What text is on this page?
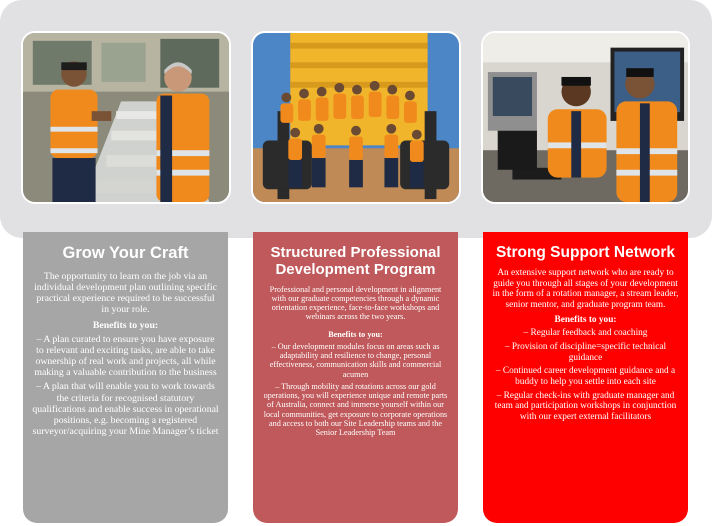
Grow Your Craft

The opportunity to learn on the job via an individual development plan outlining specific practical experience required to be successful in your role.

Benefits to you:

– A plan curated to ensure you have exposure to relevant and exciting tasks, are able to take ownership of real work and projects, all while making a valuable contribution to the business

– A plan that will enable you to work towards the criteria for recognised statutory qualifications and enable success in operational positions, e.g. becoming a registered surveyor/acquiring your Mine Manager’s ticket

Structured Professional Development Program

Professional and personal development in alignment with our graduate competencies through a dynamic orientation experience, face-to-face workshops and webinars across the two years.

Benefits to you:

– Our development modules focus on areas such as adaptability and resilience to change, personal effectiveness, communication skills and commercial acumen

– Through mobility and rotations across our gold operations, you will experience unique and remote parts of Australia, connect and immerse yourself within our local communities, get exposure to corporate operations and access to both our Site Leadership teams and the Senior Leadership Team

Strong Support Network

An extensive support network who are ready to guide you through all stages of your development in the form of a rotation manager, a stream leader, senior mentor, and graduate program team.

Benefits to you:

– Regular feedback and coaching

– Provision of discipline=specific technical guidance

– Continued career development guidance and a buddy to help you settle into each site

– Regular check-ins with graduate manager and team and participation workshops in conjunction with our expert external facilitators
